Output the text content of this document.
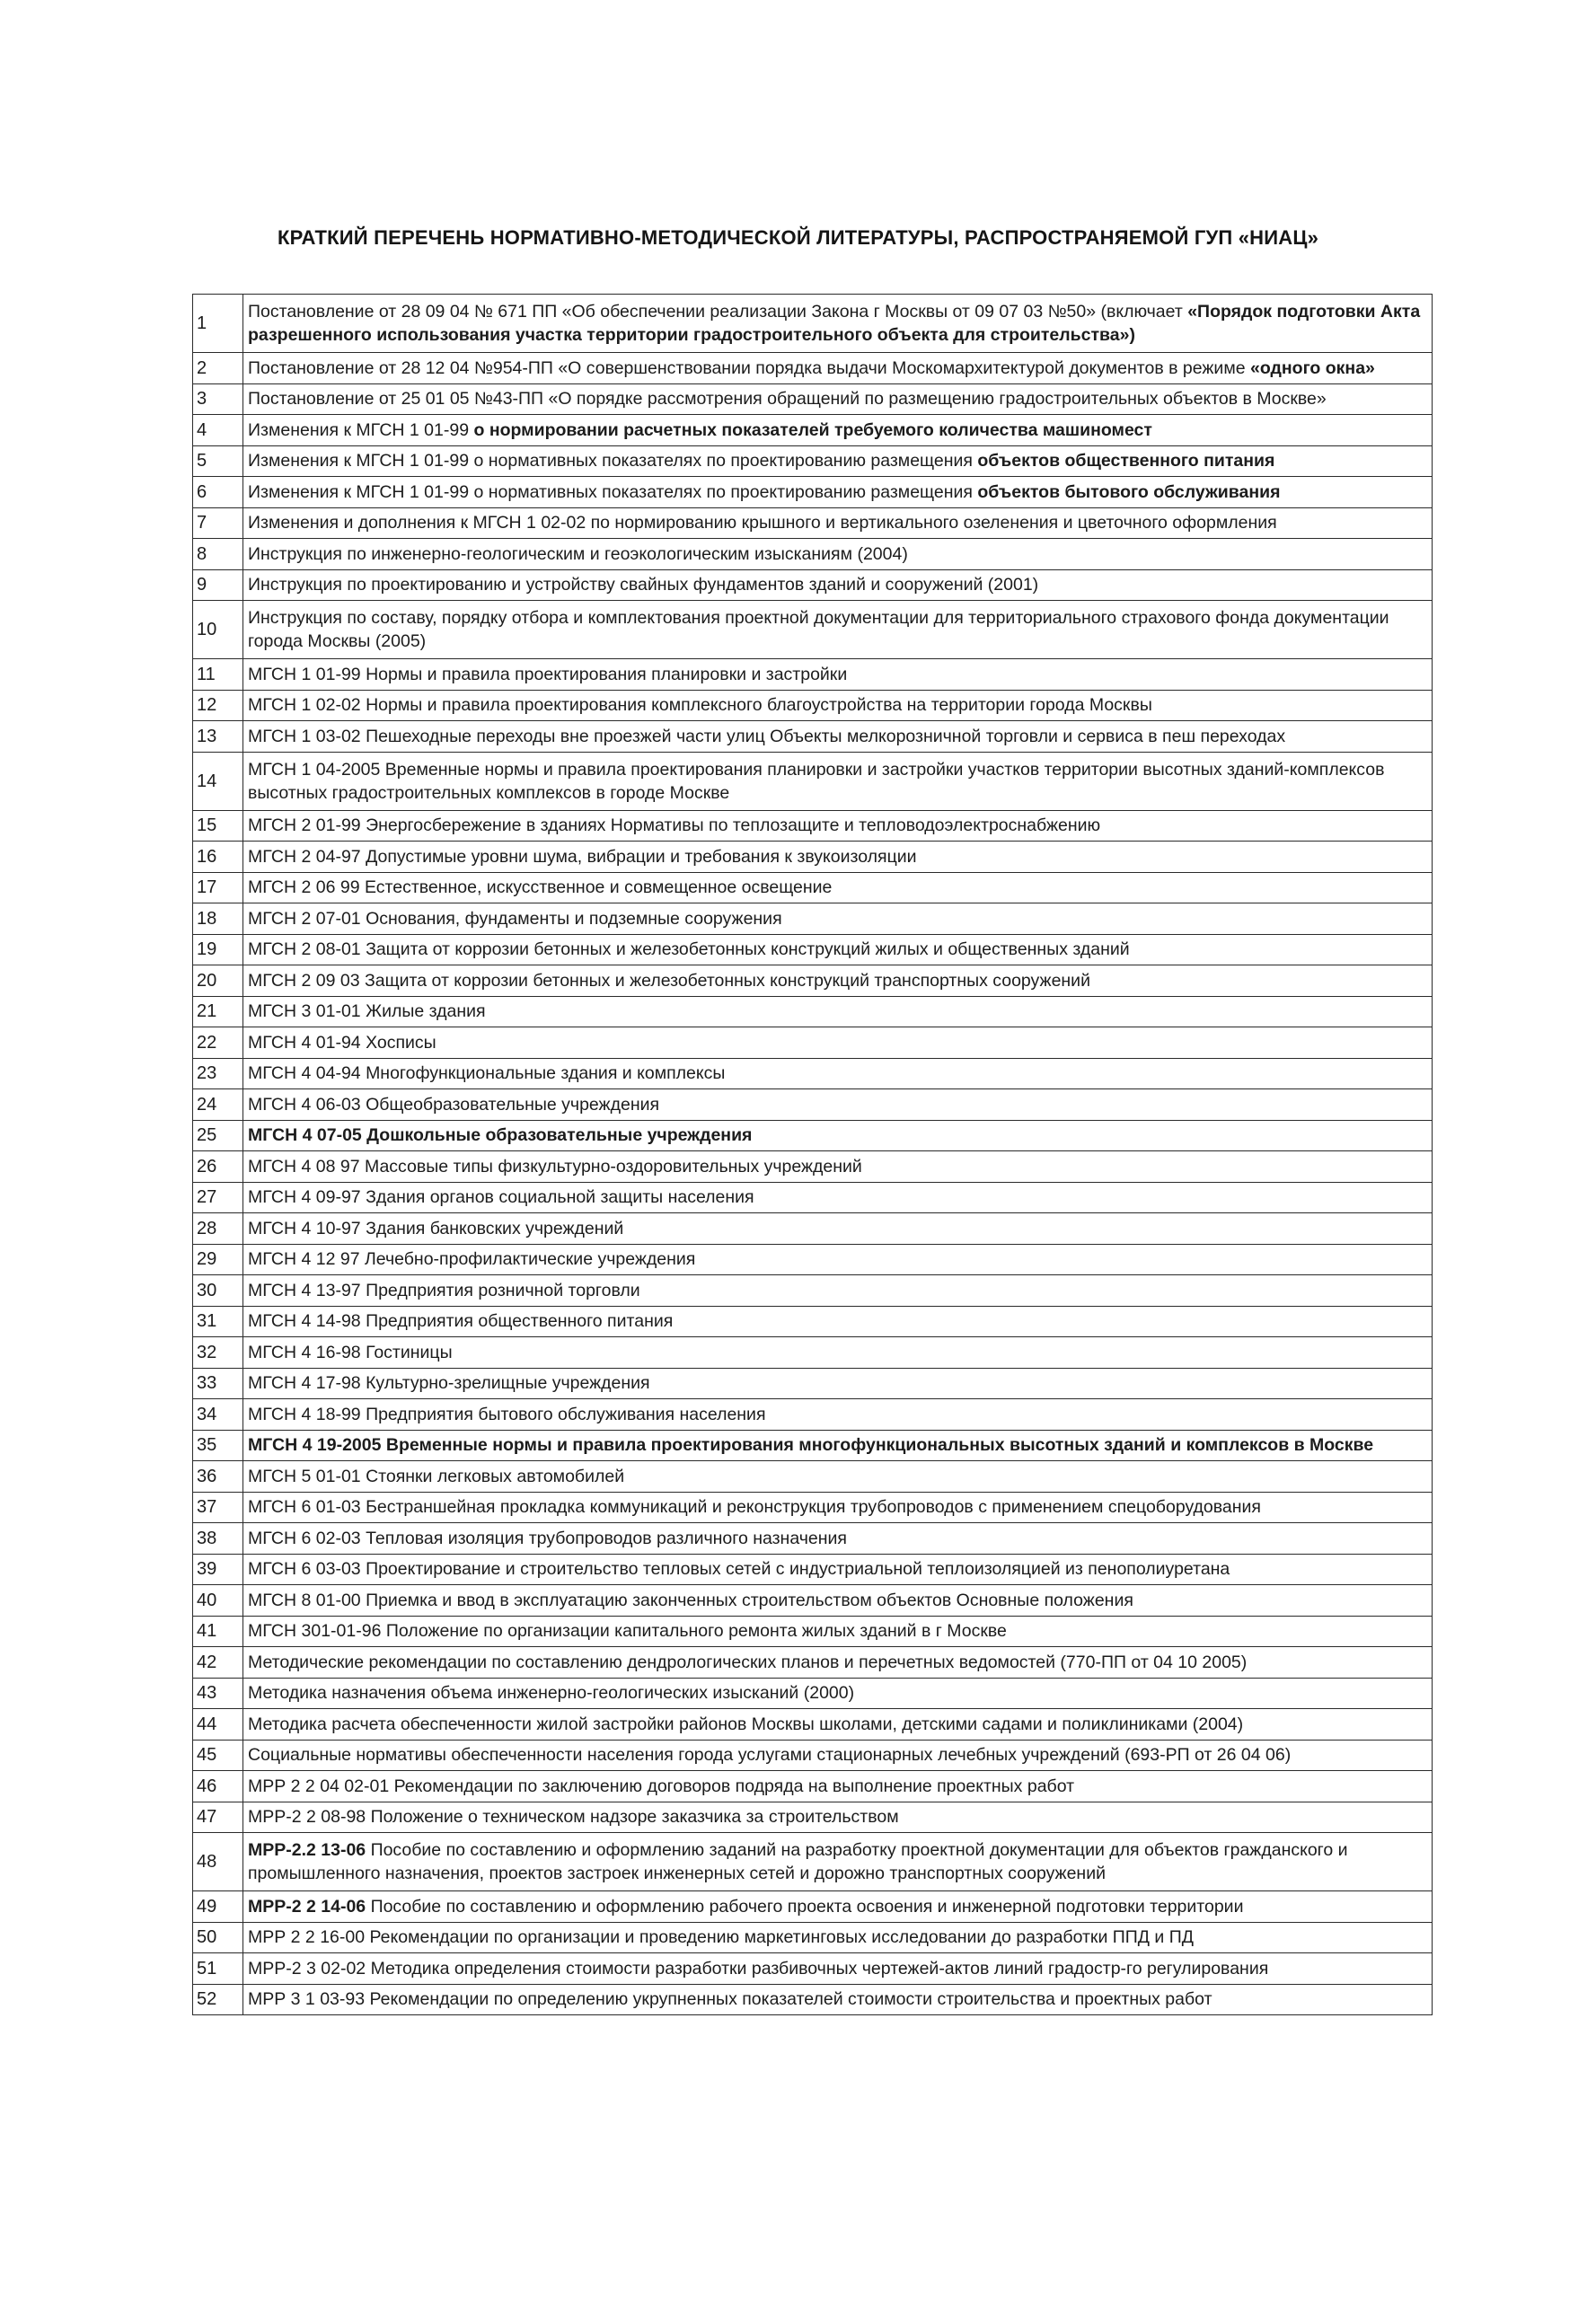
КРАТКИЙ ПЕРЕЧЕНЬ НОРМАТИВНО-МЕТОДИЧЕСКОЙ ЛИТЕРАТУРЫ, РАСПРОСТРАНЯЕМОЙ ГУП «НИАЦ»
1	Постановление от 28 09 04 № 671 ПП «Об обеспечении реализации Закона г Москвы от 09 07 03 №50» (включает «Порядок подготовки Акта разрешенного использования участка территории градостроительного объекта для строительства»)
2	Постановление от 28 12 04 №954-ПП «О совершенствовании порядка выдачи Москомархитектурой документов в режиме «одного окна»
3	Постановление от 25 01 05 №43-ПП «О порядке рассмотрения обращений по размещению градостроительных объектов в Москве»
4	Изменения к МГСН 1 01-99 о нормировании расчетных показателей требуемого количества машиномест
5	Изменения к МГСН 1 01-99 о нормативных показателях по проектированию размещения объектов общественного питания
6	Изменения к МГСН 1 01-99 о нормативных показателях по проектированию размещения объектов бытового обслуживания
7	Изменения и дополнения к МГСН 1 02-02 по нормированию крышного и вертикального озеленения и цветочного оформления
8	Инструкция по инженерно-геологическим и геоэкологическим изысканиям (2004)
9	Инструкция по проектированию и устройству свайных фундаментов зданий и сооружений (2001)
10	Инструкция по составу, порядку отбора и комплектования проектной документации для территориального страхового фонда документации города Москвы (2005)
11	МГСН 1 01-99 Нормы и правила проектирования планировки и застройки
12	МГСН 1 02-02 Нормы и правила проектирования комплексного благоустройства на территории города Москвы
13	МГСН 1 03-02 Пешеходные переходы вне проезжей части улиц Объекты мелкорозничной торговли и сервиса в пеш переходах
14	МГСН 1 04-2005 Временные нормы и правила проектирования планировки и застройки участков территории высотных зданий-комплексов высотных градостроительных комплексов в городе Москве
15	МГСН 2 01-99 Энергосбережение в зданиях Нормативы по теплозащите и тепловодоэлектроснабжению
16	МГСН 2 04-97 Допустимые уровни шума, вибрации и требования к звукоизоляции
17	МГСН 2 06 99 Естественное, искусственное и совмещенное освещение
18	МГСН 2 07-01 Основания, фундаменты и подземные сооружения
19	МГСН 2 08-01 Защита от коррозии бетонных и железобетонных конструкций жилых и общественных зданий
20	МГСН 2 09 03 Защита от коррозии бетонных и железобетонных конструкций транспортных сооружений
21	МГСН 3 01-01 Жилые здания
22	МГСН 4 01-94 Хосписы
23	МГСН 4 04-94 Многофункциональные здания и комплексы
24	МГСН 4 06-03 Общеобразовательные учреждения
25	МГСН 4 07-05 Дошкольные образовательные учреждения
26	МГСН 4 08 97 Массовые типы физкультурно-оздоровительных учреждений
27	МГСН 4 09-97 Здания органов социальной защиты населения
28	МГСН 4 10-97 Здания банковских учреждений
29	МГСН 4 12 97 Лечебно-профилактические учреждения
30	МГСН 4 13-97 Предприятия розничной торговли
31	МГСН 4 14-98 Предприятия общественного питания
32	МГСН 4 16-98 Гостиницы
33	МГСН 4 17-98 Культурно-зрелищные учреждения
34	МГСН 4 18-99 Предприятия бытового обслуживания населения
35	МГСН 4 19-2005 Временные нормы и правила проектирования многофункциональных высотных зданий и комплексов в Москве
36	МГСН 5 01-01 Стоянки легковых автомобилей
37	МГСН 6 01-03 Бестраншейная прокладка коммуникаций и реконструкция трубопроводов с применением спецоборудования
38	МГСН 6 02-03 Тепловая изоляция трубопроводов различного назначения
39	МГСН 6 03-03 Проектирование и строительство тепловых сетей с индустриальной теплоизоляцией из пенополиуретана
40	МГСН 8 01-00 Приемка и ввод в эксплуатацию законченных строительством объектов Основные положения
41	МГСН 301-01-96 Положение по организации капитального ремонта жилых зданий в г Москве
42	Методические рекомендации по составлению дендрологических планов и перечетных ведомостей (770-ПП от 04 10 2005)
43	Методика назначения объема инженерно-геологических изысканий (2000)
44	Методика расчета обеспеченности жилой застройки районов Москвы школами, детскими садами и поликлиниками (2004)
45	Социальные нормативы обеспеченности населения города услугами стационарных лечебных учреждений (693-РП от 26 04 06)
46	МРР 2 2 04 02-01 Рекомендации по заключению договоров подряда на выполнение проектных работ
47	МРР-2 2 08-98 Положение о техническом надзоре заказчика за строительством
48	МРР-2.2 13-06 Пособие по составлению и оформлению заданий на разработку проектной документации для объектов гражданского и промышленного назначения, проектов застроек инженерных сетей и дорожно транспортных сооружений
49	МРР-2 2 14-06 Пособие по составлению и оформлению рабочего проекта освоения и инженерной подготовки территории
50	МРР 2 2 16-00 Рекомендации по организации и проведению маркетинговых исследовании до разработки ППД и ПД
51	МРР-2 3 02-02 Методика определения стоимости разработки разбивочных чертежей-актов линий градостр-го регулирования
52	МРР 3 1 03-93 Рекомендации по определению укрупненных показателей стоимости строительства и проектных работ
